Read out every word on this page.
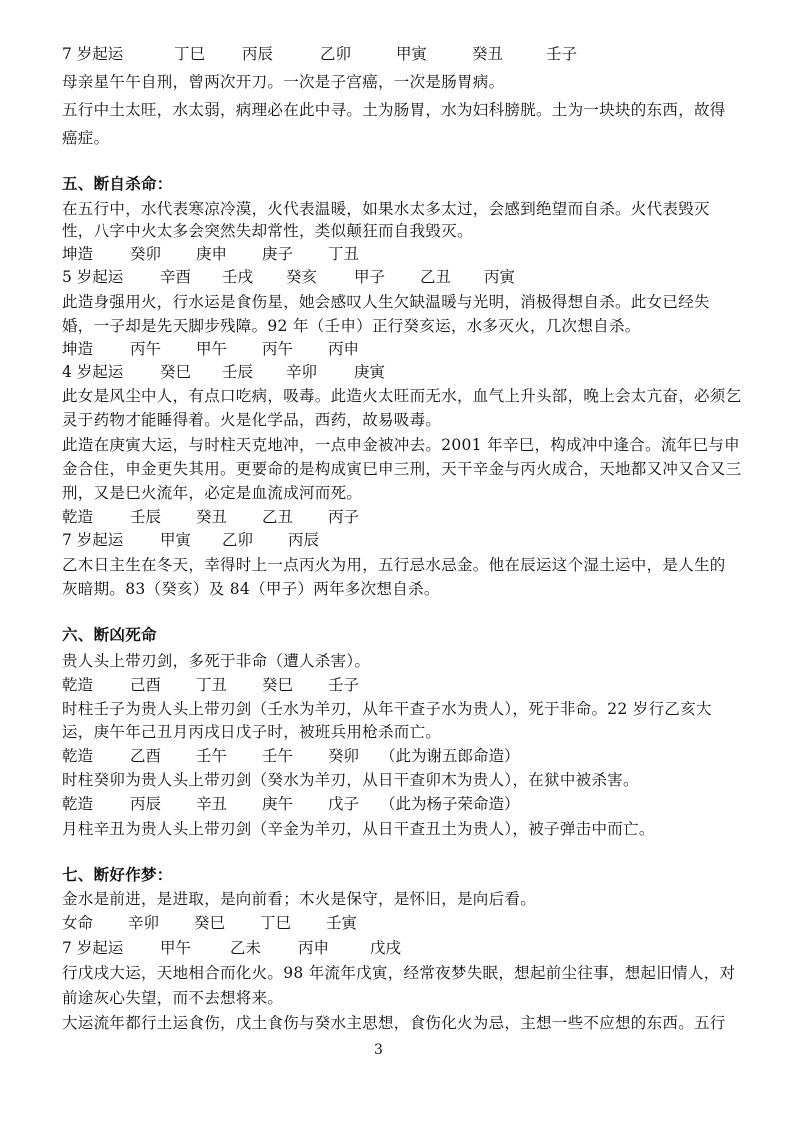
7 岁起运	丁巳 丙辰	乙卯	甲寅	癸丑	壬子
母亲星午午自刑，曾两次开刀。一次是子宫癌，一次是肠胃病。
五行中土太旺，水太弱，病理必在此中寻。土为肠胃，水为妇科膀胱。土为一块块的东西，故得
癌症。
五、断自杀命：
在五行中，水代表寒凉冷漠，火代表温暖，如果水太多太过，会感到绝望而自杀。火代表毁灭
性，八字中火太多会突然失却常性，类似颠狂而自我毁灭。
坤造 癸卯 庚申 庚子 丁丑
5 岁起运 辛酉 壬戌 癸亥 甲子 乙丑 丙寅
此造身强用火，行水运是食伤星，她会感叹人生欠缺温暖与光明，消极得想自杀。此女已经失
婚，一子却是先天脚步残障。92 年（壬申）正行癸亥运，水多灭火，几次想自杀。
坤造 丙午 甲午 丙午 丙申
4 岁起运 癸巳 壬辰 辛卯 庚寅
此女是风尘中人，有点口吃病，吸毒。此造火太旺而无水，血气上升头部，晚上会太亢奋，必须乞
灵于药物才能睡得着。火是化学品，西药，故易吸毒。
此造在庚寅大运，与时柱天克地冲，一点申金被冲去。2001 年辛巳，构成冲中逢合。流年巳与申
金合住，申金更失其用。更要命的是构成寅巳申三刑，天干辛金与丙火成合，天地都又冲又合又三
刑，又是巳火流年，必定是血流成河而死。
乾造 壬辰 癸丑 乙丑 丙子
7 岁起运 甲寅 乙卯 丙辰
乙木日主生在冬天，幸得时上一点丙火为用，五行忌水忌金。他在辰运这个湿土运中，是人生的
灰暗期。83（癸亥）及 84（甲子）两年多次想自杀。
六、断凶死命
贵人头上带刃剑，多死于非命（遭人杀害）。
乾造 己酉 丁丑 癸巳 壬子
时柱壬子为贵人头上带刃剑（壬水为羊刃，从年干查子水为贵人），死于非命。22 岁行乙亥大
运，庚午年己丑月丙戌日戊子时，被班兵用枪杀而亡。
乾造 乙酉 壬午 壬午 癸卯 （此为谢五郎命造）
时柱癸卯为贵人头上带刃剑（癸水为羊刃，从日干查卯木为贵人），在狱中被杀害。
乾造 丙辰 辛丑 庚午 戊子 （此为杨子荣命造）
月柱辛丑为贵人头上带刃剑（辛金为羊刃，从日干查丑土为贵人），被子弹击中而亡。
七、断好作梦：
金水是前进，是进取，是向前看；木火是保守，是怀旧，是向后看。
女命 辛卯 癸巳 丁巳 壬寅
7 岁起运 甲午	乙未 丙申	戊戌
行戊戌大运，天地相合而化火。98 年流年戊寅，经常夜梦失眠，想起前尘往事，想起旧情人，对
前途灰心失望，而不去想将来。
大运流年都行土运食伤，戊土食伤与癸水主思想，食伤化火为忌，主想一些不应想的东西。五行
3
